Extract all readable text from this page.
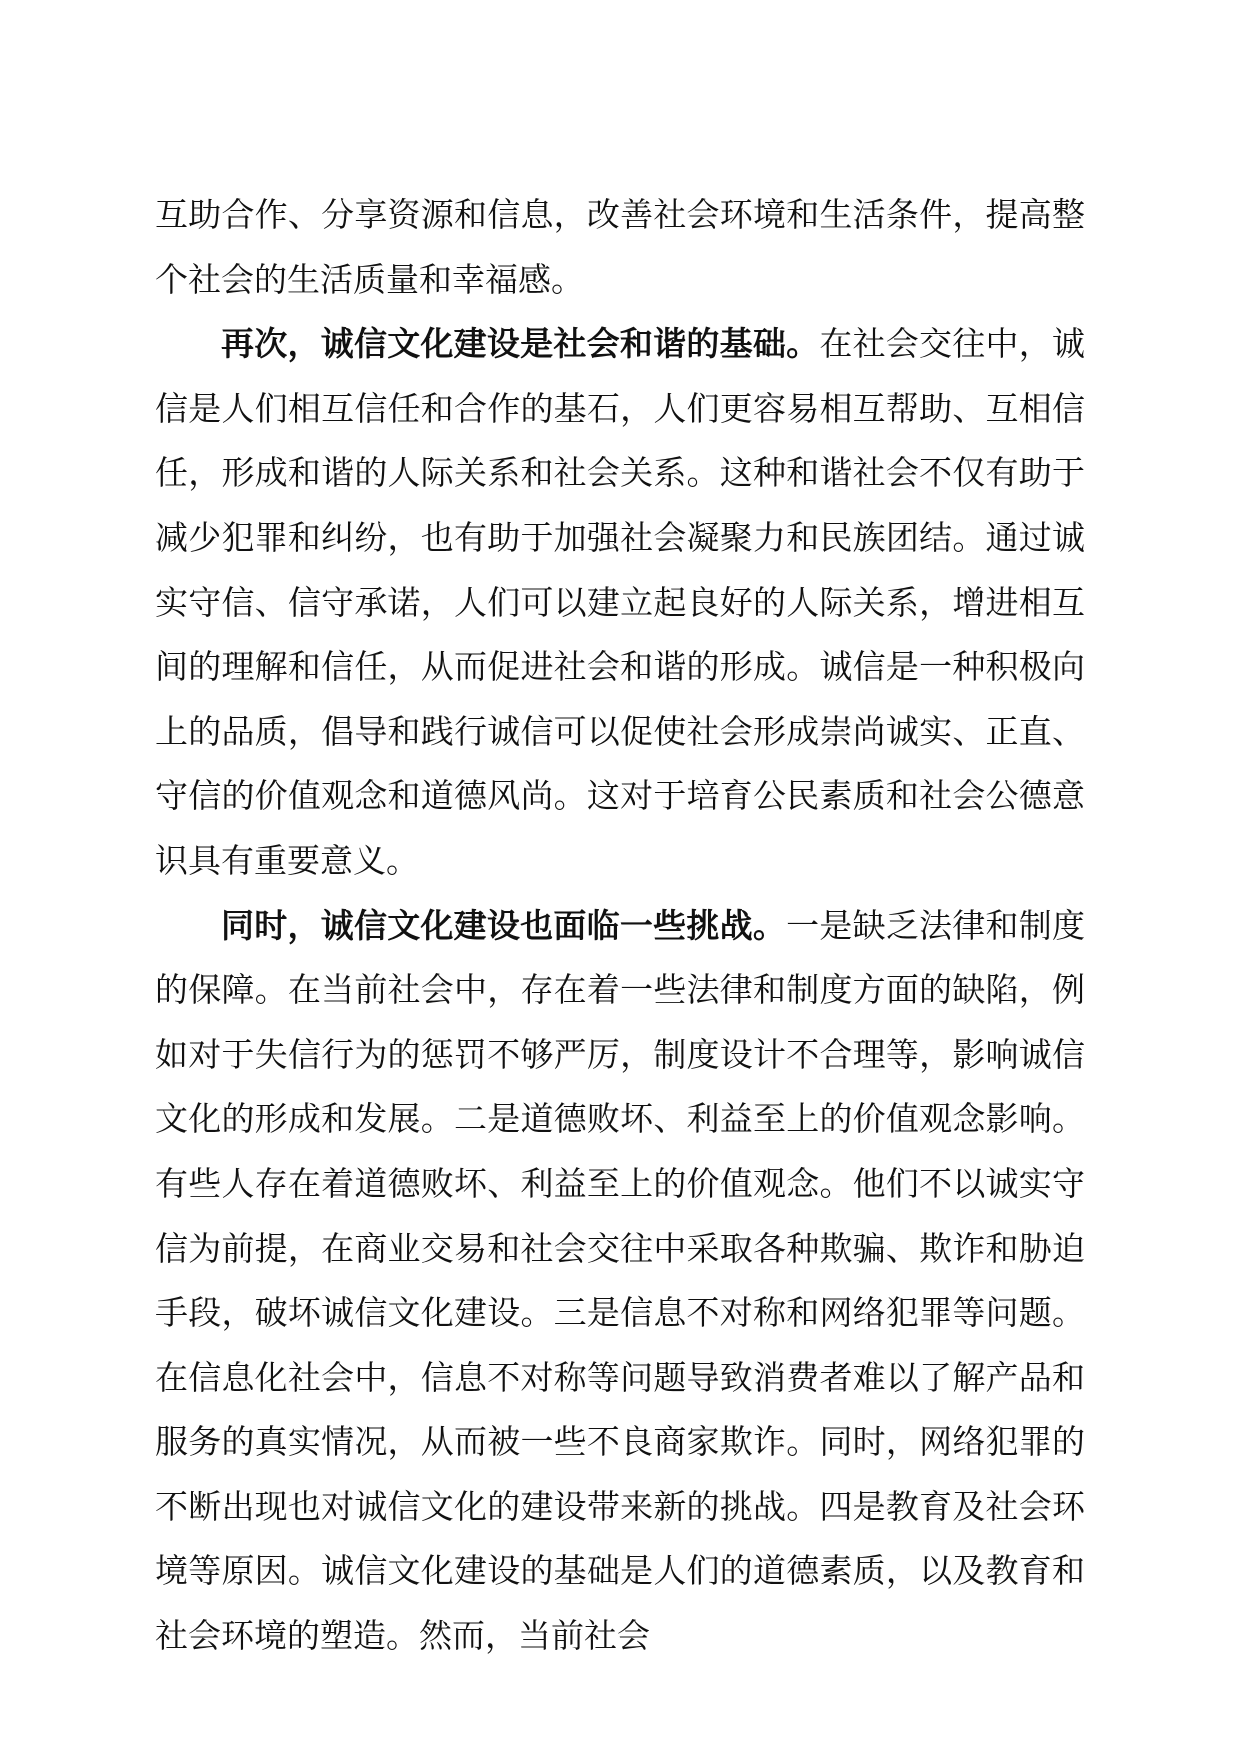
互助合作、分享资源和信息，改善社会环境和生活条件，提高整个社会的生活质量和幸福感。

再次，诚信文化建设是社会和谐的基础。在社会交往中，诚信是人们相互信任和合作的基石，人们更容易相互帮助、互相信任，形成和谐的人际关系和社会关系。这种和谐社会不仅有助于减少犯罪和纠纷，也有助于加强社会凝聚力和民族团结。通过诚实守信、信守承诺，人们可以建立起良好的人际关系，增进相互间的理解和信任，从而促进社会和谐的形成。诚信是一种积极向上的品质，倡导和践行诚信可以促使社会形成崇尚诚实、正直、守信的价值观念和道德风尚。这对于培育公民素质和社会公德意识具有重要意义。

同时，诚信文化建设也面临一些挑战。一是缺乏法律和制度的保障。在当前社会中，存在着一些法律和制度方面的缺陷，例如对于失信行为的惩罚不够严厉，制度设计不合理等，影响诚信文化的形成和发展。二是道德败坏、利益至上的价值观念影响。有些人存在着道德败坏、利益至上的价值观念。他们不以诚实守信为前提，在商业交易和社会交往中采取各种欺骗、欺诈和胁迫手段，破坏诚信文化建设。三是信息不对称和网络犯罪等问题。在信息化社会中，信息不对称等问题导致消费者难以了解产品和服务的真实情况，从而被一些不良商家欺诈。同时，网络犯罪的不断出现也对诚信文化的建设带来新的挑战。四是教育及社会环境等原因。诚信文化建设的基础是人们的道德素质，以及教育和社会环境的塑造。然而，当前社会
